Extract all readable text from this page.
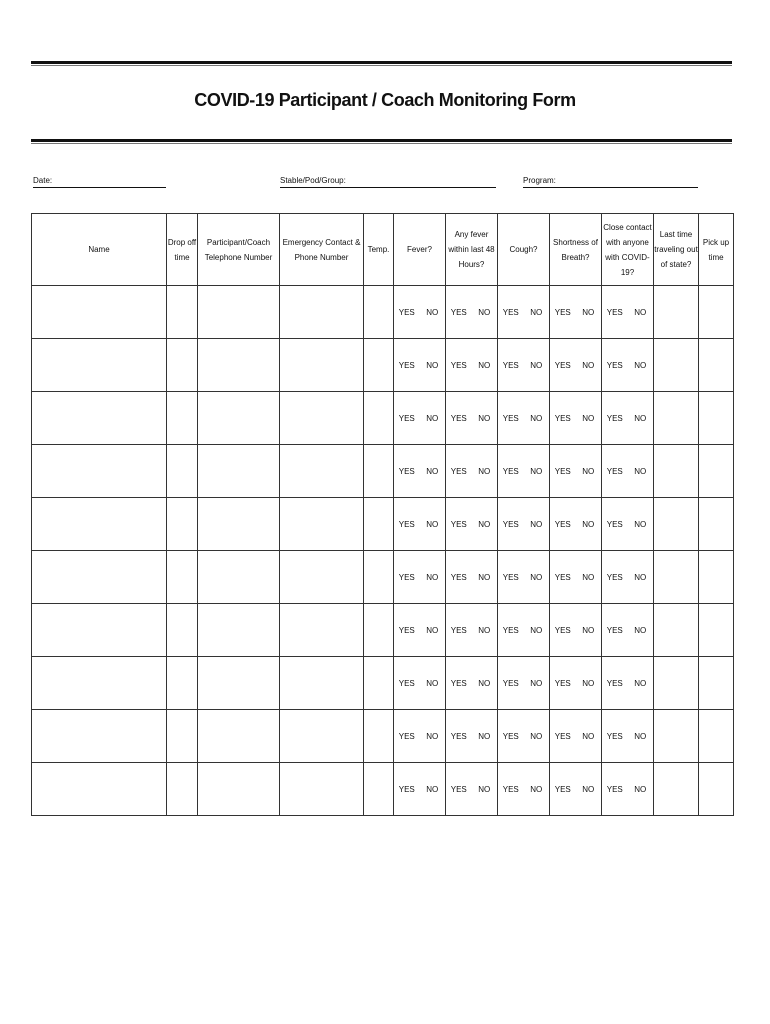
COVID-19 Participant / Coach Monitoring Form
Date:	Stable/Pod/Group:	Program:
Name	Drop off time	Participant/Coach Telephone Number	Emergency Contact & Phone Number	Temp.	Fever?		Any fever within last 48 Hours?		Cough?		Shortness of Breath?		Close contact with anyone with COVID-19?		Last time traveling out of state?	Pick up time
					YES	NO	YES	NO	YES	NO	YES	NO	YES	NO		
					YES	NO	YES	NO	YES	NO	YES	NO	YES	NO		
					YES	NO	YES	NO	YES	NO	YES	NO	YES	NO		
					YES	NO	YES	NO	YES	NO	YES	NO	YES	NO		
					YES	NO	YES	NO	YES	NO	YES	NO	YES	NO		
					YES	NO	YES	NO	YES	NO	YES	NO	YES	NO		
					YES	NO	YES	NO	YES	NO	YES	NO	YES	NO		
					YES	NO	YES	NO	YES	NO	YES	NO	YES	NO		
					YES	NO	YES	NO	YES	NO	YES	NO	YES	NO		
					YES	NO	YES	NO	YES	NO	YES	NO	YES	NO		
